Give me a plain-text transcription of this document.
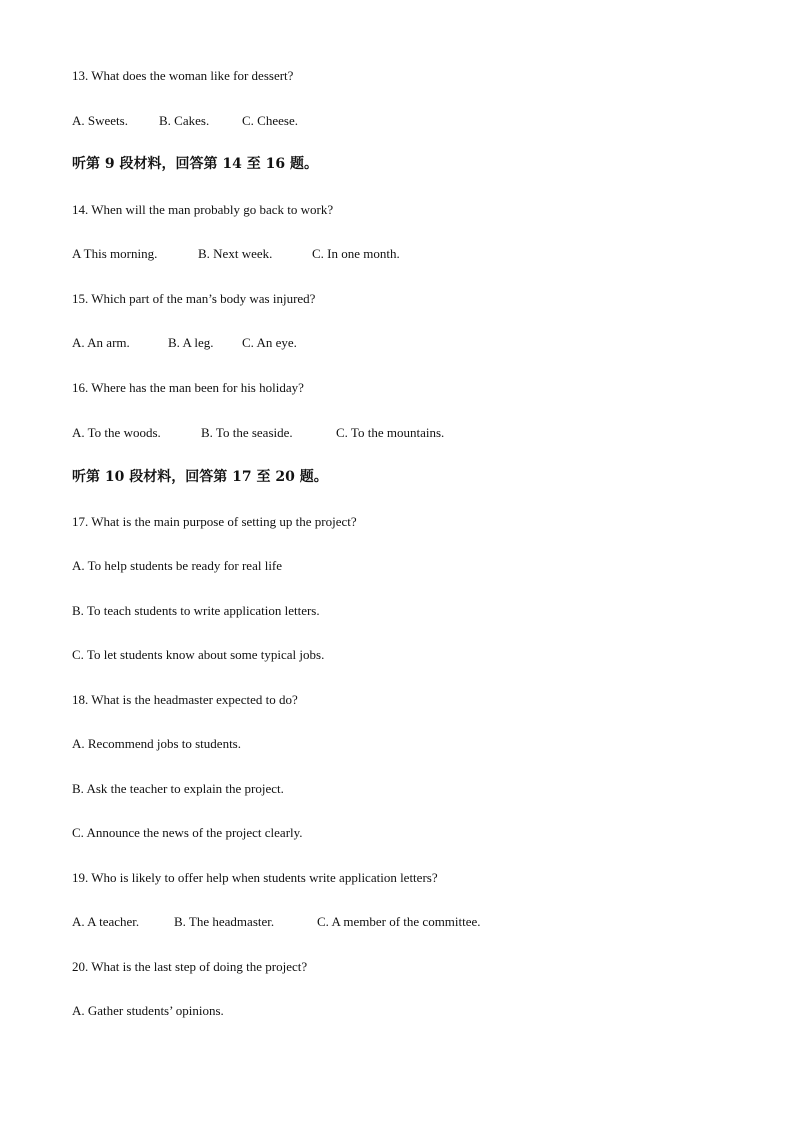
13. What does the woman like for dessert?
A. Sweets. B. Cakes.	C. Cheese.
听第 9 段材料，回答第 14 至 16 题。
14. When will the man probably go back to work?
A This morning.	B. Next week.	C. In one month.
15. Which part of the man’s body was injured?
A. An arm.	B. A leg. C. An eye.
16. Where has the man been for his holiday?
A. To the woods.	B. To the seaside.	C. To the mountains.
听第 10 段材料，回答第 17 至 20 题。
17. What is the main purpose of setting up the project?
A. To help students be ready for real life
B. To teach students to write application letters.
C. To let students know about some typical jobs.
18. What is the headmaster expected to do?
A. Recommend jobs to students.
B. Ask the teacher to explain the project.
C. Announce the news of the project clearly.
19. Who is likely to offer help when students write application letters?
A. A teacher.	B. The headmaster.	C. A member of the committee.
20. What is the last step of doing the project?
A. Gather students’ opinions.
